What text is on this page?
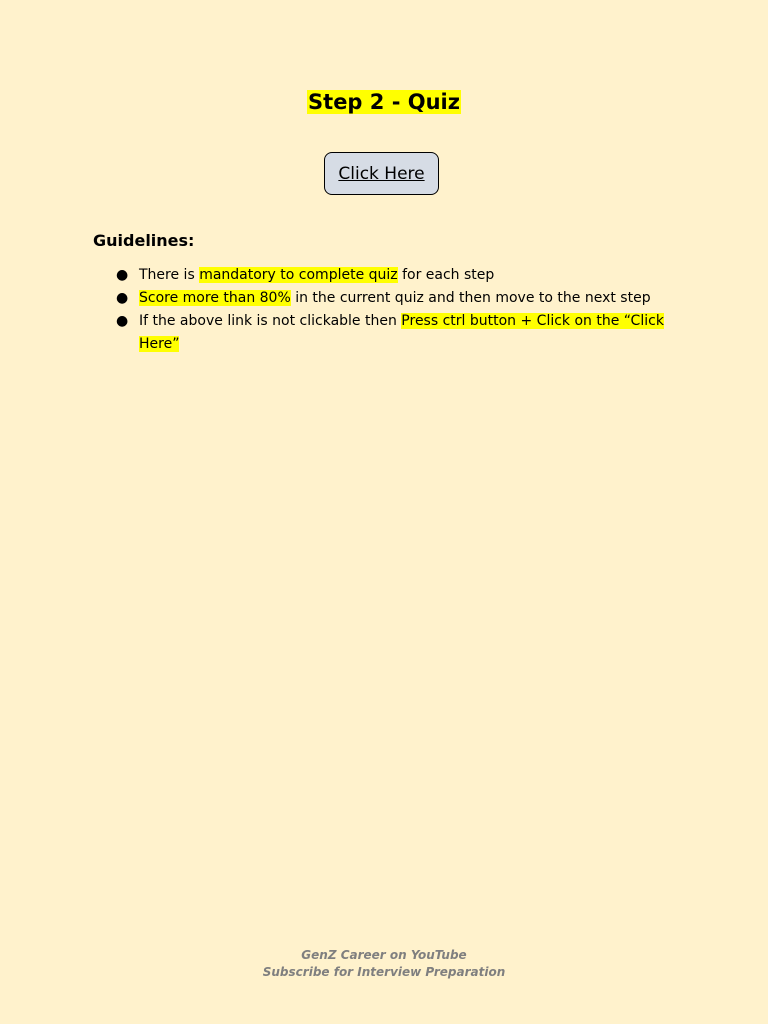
Step 2 - Quiz
Click Here
Guidelines:
● There is mandatory to complete quiz for each step
● Score more than 80% in the current quiz and then move to the next step
● If the above link is not clickable then Press ctrl button + Click on the “Click Here”
GenZ Career on YouTube
Subscribe for Interview Preparation
